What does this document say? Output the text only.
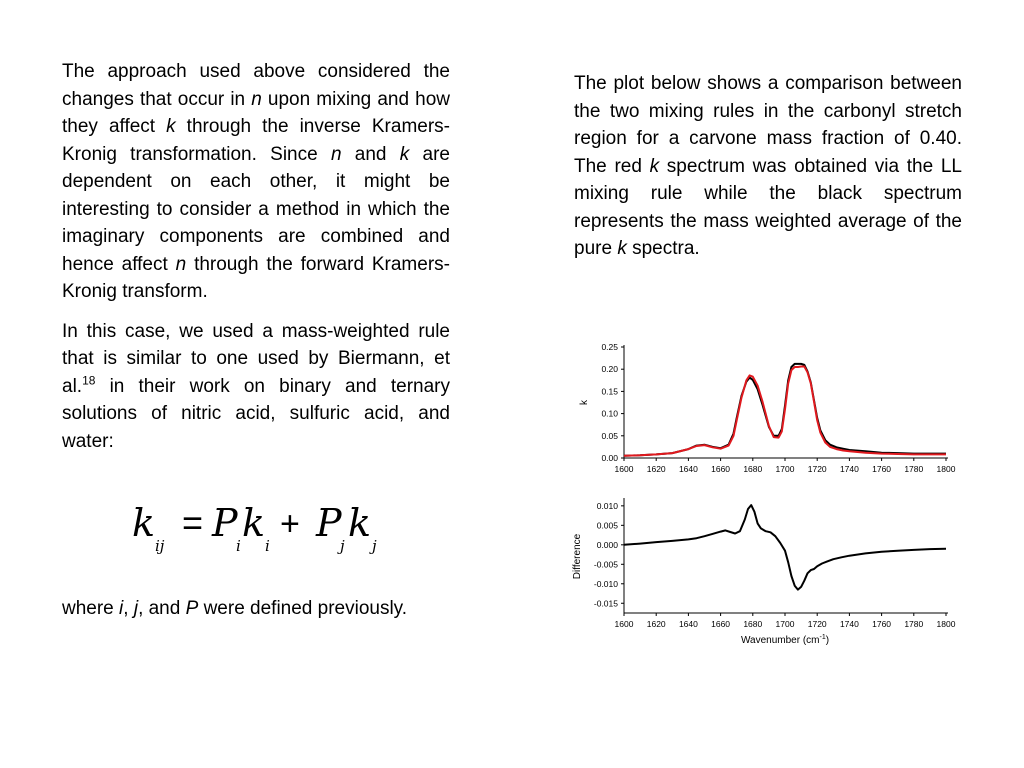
The approach used above considered the changes that occur in n upon mixing and how they affect k through the inverse Kramers-Kronig transformation. Since n and k are dependent on each other, it might be interesting to consider a method in which the imaginary components are combined and hence affect n through the forward Kramers-Kronig transform.

In this case, we used a mass-weighted rule that is similar to one used by Biermann, et al.$^{18}$ in their work on binary and ternary solutions of nitric acid, sulfuric acid, and water:

k
ij
= P
i
k
i
+ P
j
k
j

where i, j, and P were defined previously.

The plot below shows a comparison between the two mixing rules in the carbonyl stretch region for a carvone mass fraction of 0.40. The red k spectrum was obtained via the LL mixing rule while the black spectrum represents the mass weighted average of the pure k spectra.

1600 1620 1640 1660 1680 1700 1720 1740 1760 1780 1800
0.00
0.05
0.10
0.15
0.20
0.25
k
1600 1620 1640 1660 1680 1700 1720 1740 1760 1780 1800
-0.015
-0.010
-0.005
0.000
0.005
0.010
Difference
Wavenumber $(cm^{-1})$
